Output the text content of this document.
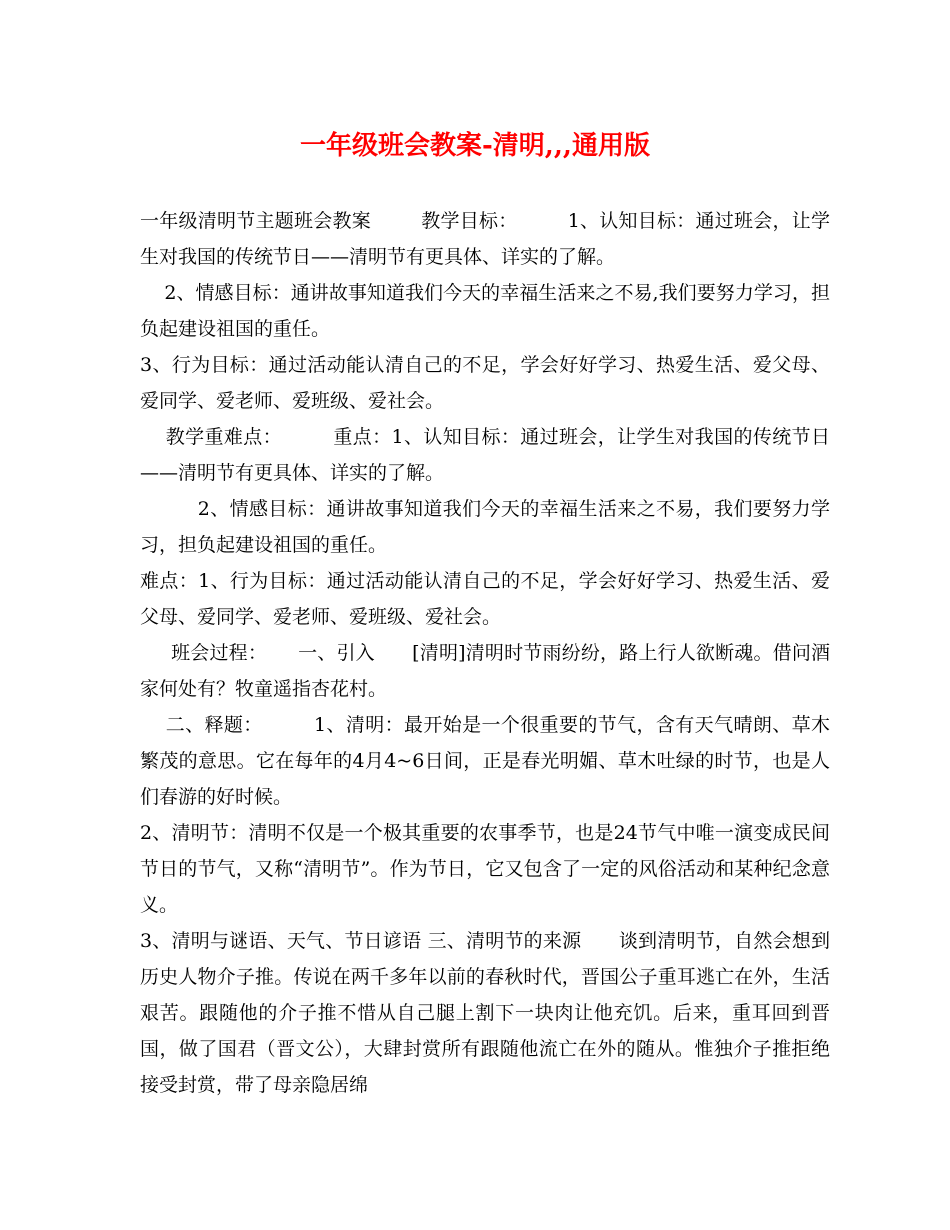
一年级班会教案-清明,,,通用版
一年级清明节主题班会教案        教学目标：        1、认知目标：通过班会，让学生对我国的传统节日——清明节有更具体、详实的了解。
2、情感目标：通讲故事知道我们今天的幸福生活来之不易,我们要努力学习，担负起建设祖国的重任。
3、行为目标：通过活动能认清自己的不足，学会好好学习、热爱生活、爱父母、爱同学、爱老师、爱班级、爱社会。
教学重难点：        重点：1、认知目标：通过班会，让学生对我国的传统节日——清明节有更具体、详实的了解。
2、情感目标：通讲故事知道我们今天的幸福生活来之不易，我们要努力学习，担负起建设祖国的重任。
难点：1、行为目标：通过活动能认清自己的不足，学会好好学习、热爱生活、爱父母、爱同学、爱老师、爱班级、爱社会。
班会过程：     一、引入      [清明]清明时节雨纷纷，路上行人欲断魂。借问酒家何处有？牧童遥指杏花村。
二、释题：        1、清明：最开始是一个很重要的节气，含有天气晴朗、草木繁茂的意思。它在每年的4月4~6日间，正是春光明媚、草木吐绿的时节，也是人们春游的好时候。
2、清明节：清明不仅是一个极其重要的农事季节，也是24节气中唯一演变成民间节日的节气，又称“清明节”。作为节日，它又包含了一定的风俗活动和某种纪念意义。
3、清明与谜语、天气、节日谚语 三、清明节的来源      谈到清明节，自然会想到历史人物介子推。传说在两千多年以前的春秋时代，晋国公子重耳逃亡在外，生活艰苦。跟随他的介子推不惜从自己腿上割下一块肉让他充饥。后来，重耳回到晋国，做了国君（晋文公），大肆封赏所有跟随他流亡在外的随从。惟独介子推拒绝接受封赏，带了母亲隐居绵
